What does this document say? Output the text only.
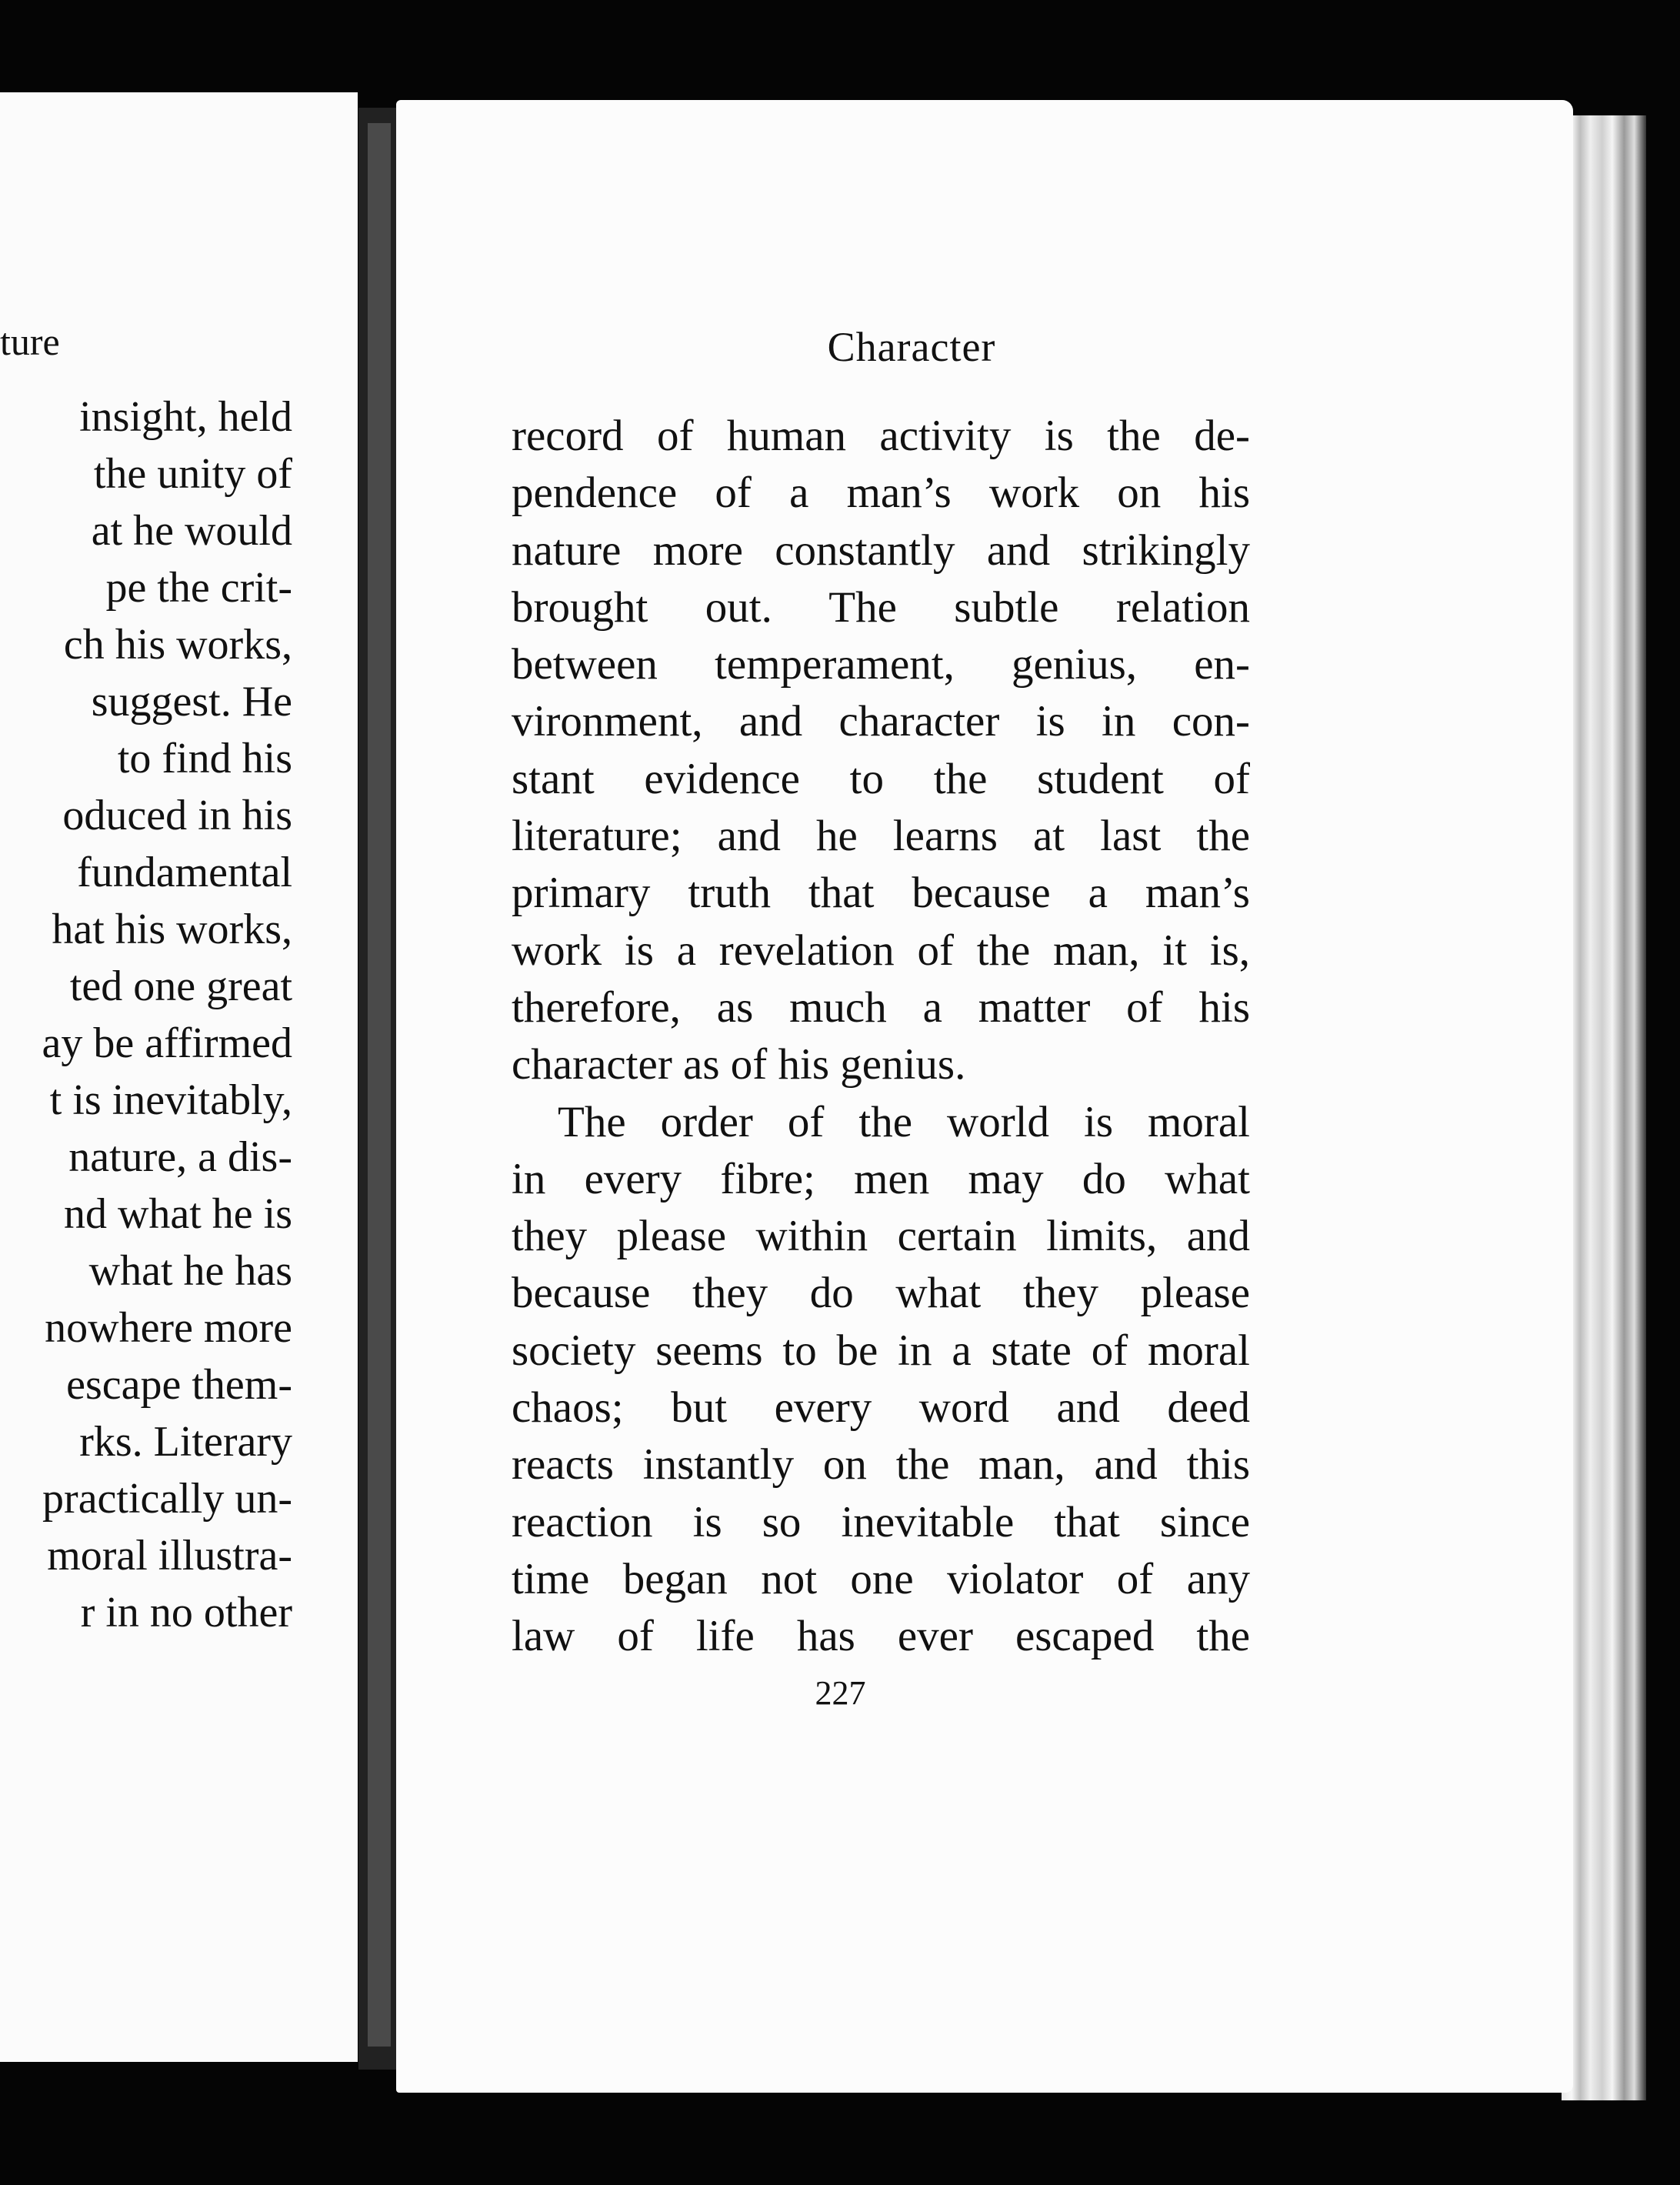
ture
insight, held
the unity of
at he would
pe the crit-
ch his works,
suggest. He
to find his
oduced in his
fundamental
hat his works,
ted one great
ay be affirmed
t is inevitably,
nature, a dis-
nd what he is
what he has
nowhere more
escape them-
rks. Literary
practically un-
moral illustra-
r in no other
Character
record of human activity is the de-
pendence of a man’s work on his
nature more constantly and strikingly
brought out. The subtle relation
between temperament, genius, en-
vironment, and character is in con-
stant evidence to the student of
literature; and he learns at last the
primary truth that because a man’s
work is a revelation of the man, it is,
therefore, as much a matter of his
character as of his genius.
The order of the world is moral
in every fibre; men may do what
they please within certain limits, and
because they do what they please
society seems to be in a state of moral
chaos; but every word and deed
reacts instantly on the man, and this
reaction is so inevitable that since
time began not one violator of any
law of life has ever escaped the
227
